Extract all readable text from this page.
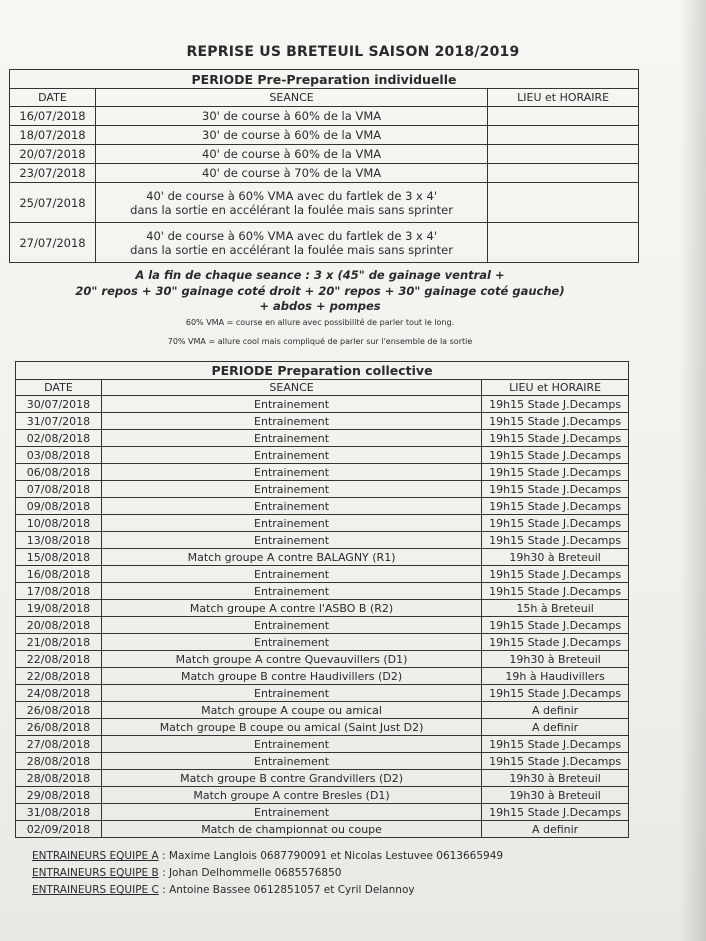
REPRISE US BRETEUIL SAISON 2018/2019
PERIODE Pre-Preparation individuelle		
DATE	SEANCE	LIEU et HORAIRE
16/07/2018	30' de course à 60% de la VMA	

18/07/2018	30' de course à 60% de la VMA	

20/07/2018	40' de course à 60% de la VMA	

23/07/2018	40' de course à 70% de la VMA	

25/07/2018	40' de course à 60% VMA avec du fartlek de 3 x 4'
dans la sortie en accélérant la foulée mais sans sprinter	

27/07/2018	40' de course à 60% VMA avec du fartlek de 3 x 4'
dans la sortie en accélérant la foulée mais sans sprinter	

A la fin de chaque seance : 3 x (45" de gainage ventral +
20" repos + 30" gainage coté droit + 20" repos + 30" gainage coté gauche)
+ abdos + pompes
60% VMA = course en allure avec possibilité de parler tout le long.
70% VMA = allure cool mais compliqué de parler sur l'ensemble de la sortie
PERIODE Preparation collective		
DATE	SEANCE	LIEU et HORAIRE
30/07/2018	Entrainement	19h15 Stade J.Decamps
31/07/2018	Entrainement	19h15 Stade J.Decamps
02/08/2018	Entrainement	19h15 Stade J.Decamps
03/08/2018	Entrainement	19h15 Stade J.Decamps
06/08/2018	Entrainement	19h15 Stade J.Decamps
07/08/2018	Entrainement	19h15 Stade J.Decamps
09/08/2018	Entrainement	19h15 Stade J.Decamps
10/08/2018	Entrainement	19h15 Stade J.Decamps
13/08/2018	Entrainement	19h15 Stade J.Decamps
15/08/2018	Match groupe A contre BALAGNY (R1)	19h30 à Breteuil
16/08/2018	Entrainement	19h15 Stade J.Decamps
17/08/2018	Entrainement	19h15 Stade J.Decamps
19/08/2018	Match groupe A contre l'ASBO B (R2)	15h à Breteuil
20/08/2018	Entrainement	19h15 Stade J.Decamps
21/08/2018	Entrainement	19h15 Stade J.Decamps
22/08/2018	Match groupe A contre Quevauvillers (D1)	19h30 à Breteuil
22/08/2018	Match groupe B contre Haudivillers (D2)	19h à Haudivillers
24/08/2018	Entrainement	19h15 Stade J.Decamps
26/08/2018	Match groupe A coupe ou amical	A definir
26/08/2018	Match groupe B coupe ou amical (Saint Just D2)	A definir
27/08/2018	Entrainement	19h15 Stade J.Decamps
28/08/2018	Entrainement	19h15 Stade J.Decamps
28/08/2018	Match groupe B contre Grandvillers (D2)	19h30 à Breteuil
29/08/2018	Match groupe A contre Bresles (D1)	19h30 à Breteuil
31/08/2018	Entrainement	19h15 Stade J.Decamps
02/09/2018	Match de championnat ou coupe	A definir
ENTRAINEURS EQUIPE A : Maxime Langlois 0687790091 et Nicolas Lestuvee 0613665949
ENTRAINEURS EQUIPE B : Johan Delhommelle 0685576850
ENTRAINEURS EQUIPE C : Antoine Bassee 0612851057 et Cyril Delannoy
